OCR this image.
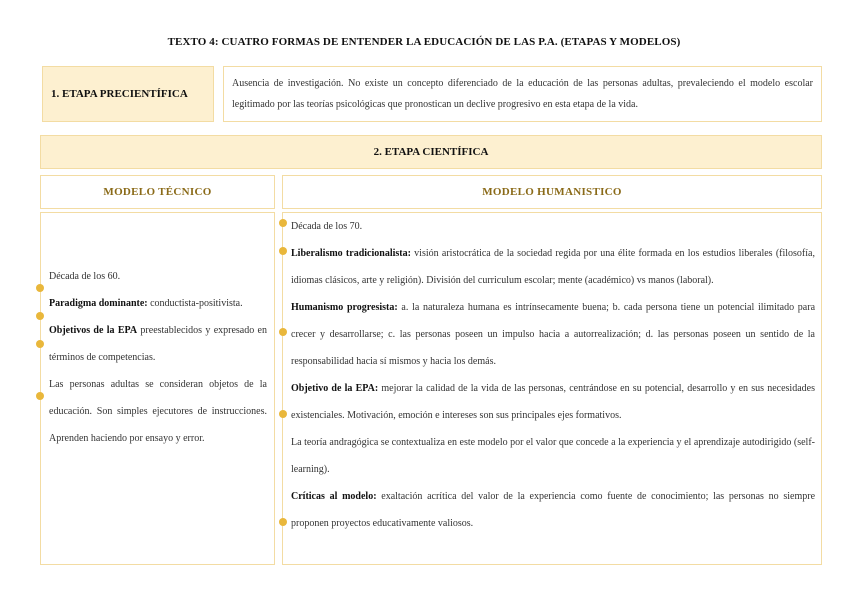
TEXTO 4: CUATRO FORMAS DE ENTENDER LA EDUCACIÓN DE LAS P.A. (ETAPAS Y MODELOS)
1. ETAPA PRECIENTÍFICA
Ausencia de investigación. No existe un concepto diferenciado de la educación de las personas adultas, prevaleciendo el modelo escolar legitimado por las teorías psicológicas que pronostican un declive progresivo en esta etapa de la vida.
2. ETAPA CIENTÍFICA
MODELO TÉCNICO	MODELO HUMANISTICO

Década de los 60.

Paradigma dominante: conductista-positivista.

Objetivos de la EPA preestablecidos y expresado en términos de competencias.

Las personas adultas se consideran objetos de la educación. Son simples ejecutores de instrucciones. Aprenden haciendo por ensayo y error.

Década de los 70.

Liberalismo tradicionalista: visión aristocrática de la sociedad regida por una élite formada en los estudios liberales (filosofía, idiomas clásicos, arte y religión). División del curriculum escolar; mente (académico) vs manos (laboral).

Humanismo progresista: a. la naturaleza humana es intrínsecamente buena; b. cada persona tiene un potencial ilimitado para crecer y desarrollarse; c. las personas poseen un impulso hacia a autorrealización; d. las personas poseen un sentido de la responsabilidad hacia sí mismos y hacia los demás.

Objetivo de la EPA: mejorar la calidad de la vida de las personas, centrándose en su potencial, desarrollo y en sus necesidades existenciales. Motivación, emoción e intereses son sus principales ejes formativos.

La teoría andragógica se contextualiza en este modelo por el valor que concede a la experiencia y el aprendizaje autodirigido (self-learning).

Críticas al modelo: exaltación acrítica del valor de la experiencia como fuente de conocimiento; las personas no siempre proponen proyectos educativamente valiosos.
